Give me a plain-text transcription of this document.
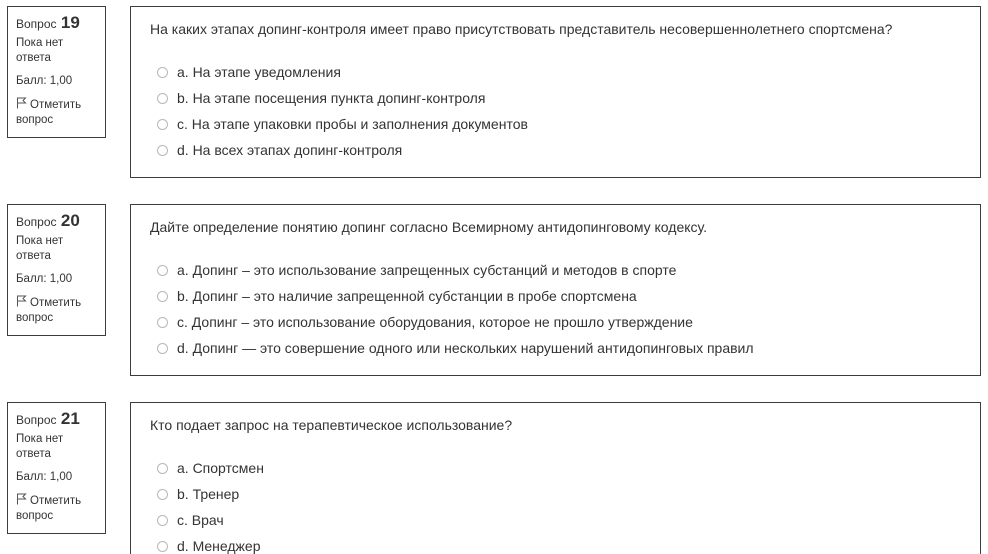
Вопрос 19
Пока нет ответа
Балл: 1,00
Отметить вопрос
На каких этапах допинг-контроля имеет право присутствовать представитель несовершеннолетнего спортсмена?
a. На этапе уведомления
b. На этапе посещения пункта допинг-контроля
c. На этапе упаковки пробы и заполнения документов
d. На всех этапах допинг-контроля
Вопрос 20
Пока нет ответа
Балл: 1,00
Отметить вопрос
Дайте определение понятию допинг согласно Всемирному антидопинговому кодексу.
a. Допинг – это использование запрещенных субстанций и методов в спорте
b. Допинг – это наличие запрещенной субстанции в пробе спортсмена
c. Допинг – это использование оборудования, которое не прошло утверждение
d. Допинг — это совершение одного или нескольких нарушений антидопинговых правил
Вопрос 21
Пока нет ответа
Балл: 1,00
Отметить вопрос
Кто подает запрос на терапевтическое использование?
a. Спортсмен
b. Тренер
c. Врач
d. Менеджер
